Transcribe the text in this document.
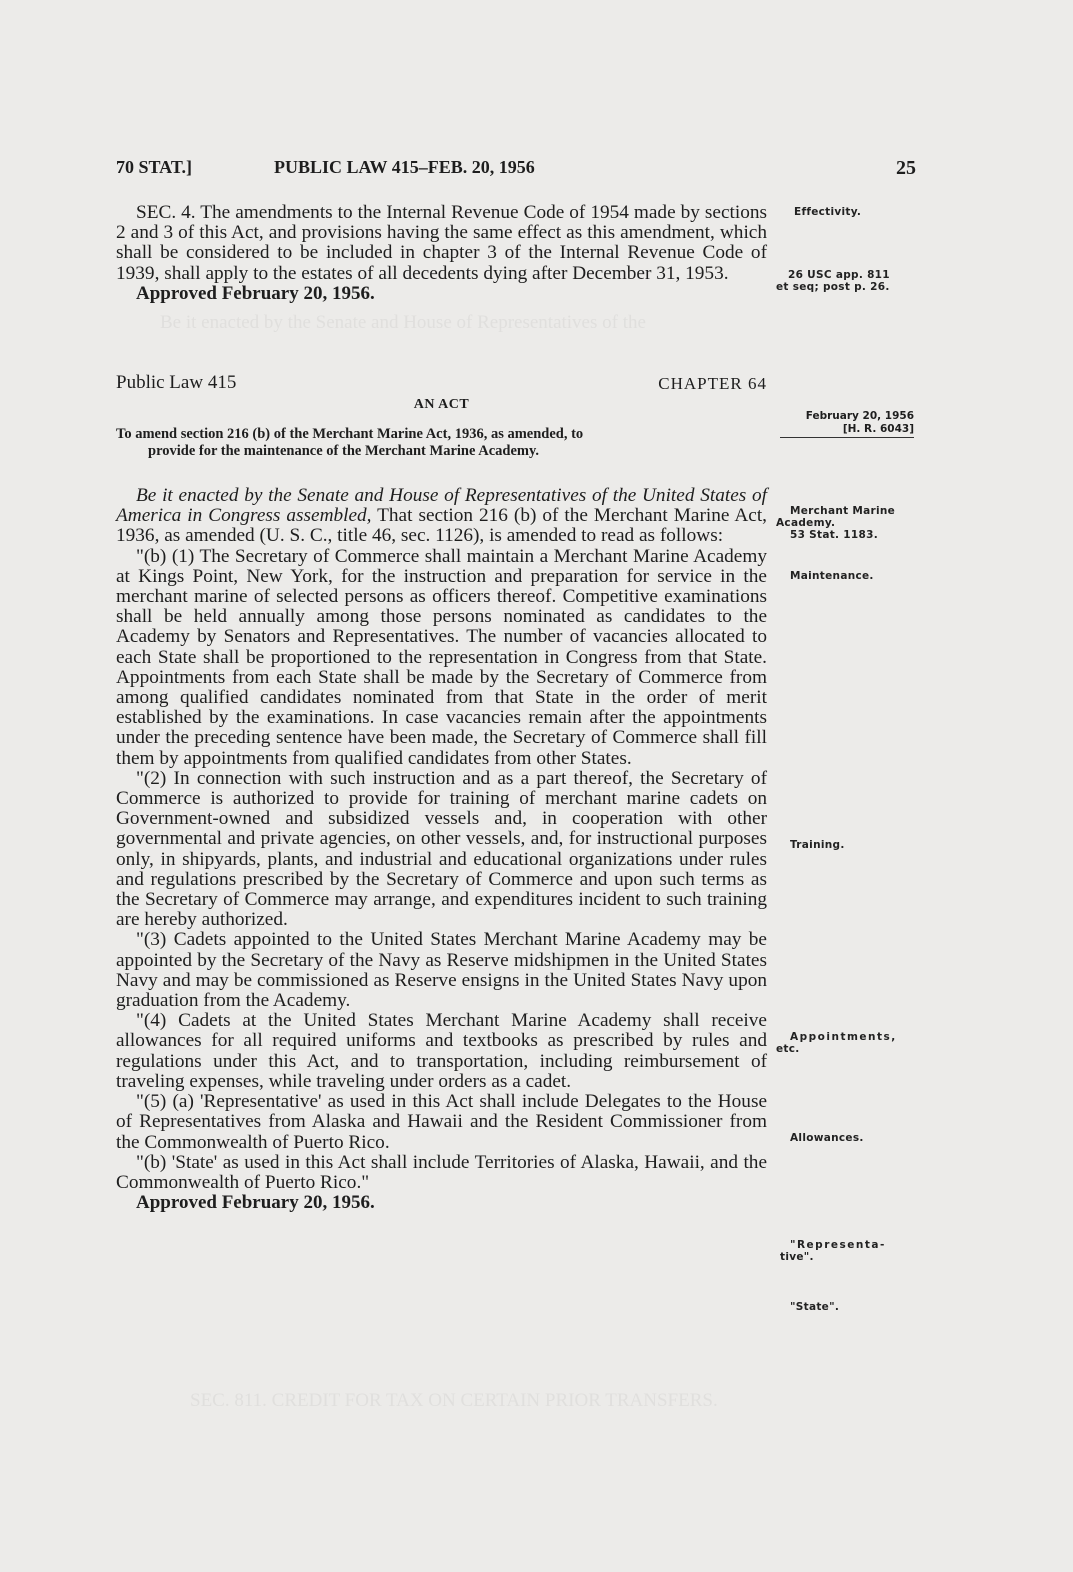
Be it enacted by the Senate and House of Representatives of the
SEC. 811. CREDIT FOR TAX ON CERTAIN PRIOR TRANSFERS.
70 STAT.]	PUBLIC LAW 415–FEB. 20, 1956	25

SEC. 4. The amendments to the Internal Revenue Code of 1954 made by sections 2 and 3 of this Act, and provisions having the same effect as this amendment, which shall be considered to be included in chapter 3 of the Internal Revenue Code of 1939, shall apply to the estates of all decedents dying after December 31, 1953.

Approved February 20, 1956.

Effectivity.
26 USC app. 811
et seq; post p. 26.
Public Law 415	CHAPTER 64
AN ACT
To amend section 216 (b) of the Merchant Marine Act, 1936, as amended, to
provide for the maintenance of the Merchant Marine Academy.
February 20, 1956
[H. R. 6043]

Be it enacted by the Senate and House of Representatives of the United States of America in Congress assembled, That section 216 (b) of the Merchant Marine Act, 1936, as amended (U. S. C., title 46, sec. 1126), is amended to read as follows:

"(b) (1) The Secretary of Commerce shall maintain a Merchant Marine Academy at Kings Point, New York, for the instruction and preparation for service in the merchant marine of selected persons as officers thereof. Competitive examinations shall be held annually among those persons nominated as candidates to the Academy by Senators and Representatives. The number of vacancies allocated to each State shall be proportioned to the representation in Congress from that State. Appointments from each State shall be made by the Secretary of Commerce from among qualified candidates nominated from that State in the order of merit established by the examinations. In case vacancies remain after the appointments under the preceding sentence have been made, the Secretary of Commerce shall fill them by appointments from qualified candidates from other States.

"(2) In connection with such instruction and as a part thereof, the Secretary of Commerce is authorized to provide for training of merchant marine cadets on Government-owned and subsidized vessels and, in cooperation with other governmental and private agencies, on other vessels, and, for instructional purposes only, in shipyards, plants, and industrial and educational organizations under rules and regulations prescribed by the Secretary of Commerce and upon such terms as the Secretary of Commerce may arrange, and expenditures incident to such training are hereby authorized.

"(3) Cadets appointed to the United States Merchant Marine Academy may be appointed by the Secretary of the Navy as Reserve midshipmen in the United States Navy and may be commissioned as Reserve ensigns in the United States Navy upon graduation from the Academy.

"(4) Cadets at the United States Merchant Marine Academy shall receive allowances for all required uniforms and textbooks as prescribed by rules and regulations under this Act, and to transportation, including reimbursement of traveling expenses, while traveling under orders as a cadet.

"(5) (a) 'Representative' as used in this Act shall include Delegates to the House of Representatives from Alaska and Hawaii and the Resident Commissioner from the Commonwealth of Puerto Rico.

"(b) 'State' as used in this Act shall include Territories of Alaska, Hawaii, and the Commonwealth of Puerto Rico."

Approved February 20, 1956.

Merchant Marine
Academy.
53 Stat. 1183.
Maintenance.
Training.
Appointments,
etc.
Allowances.
"Representa-
tive".
"State".
